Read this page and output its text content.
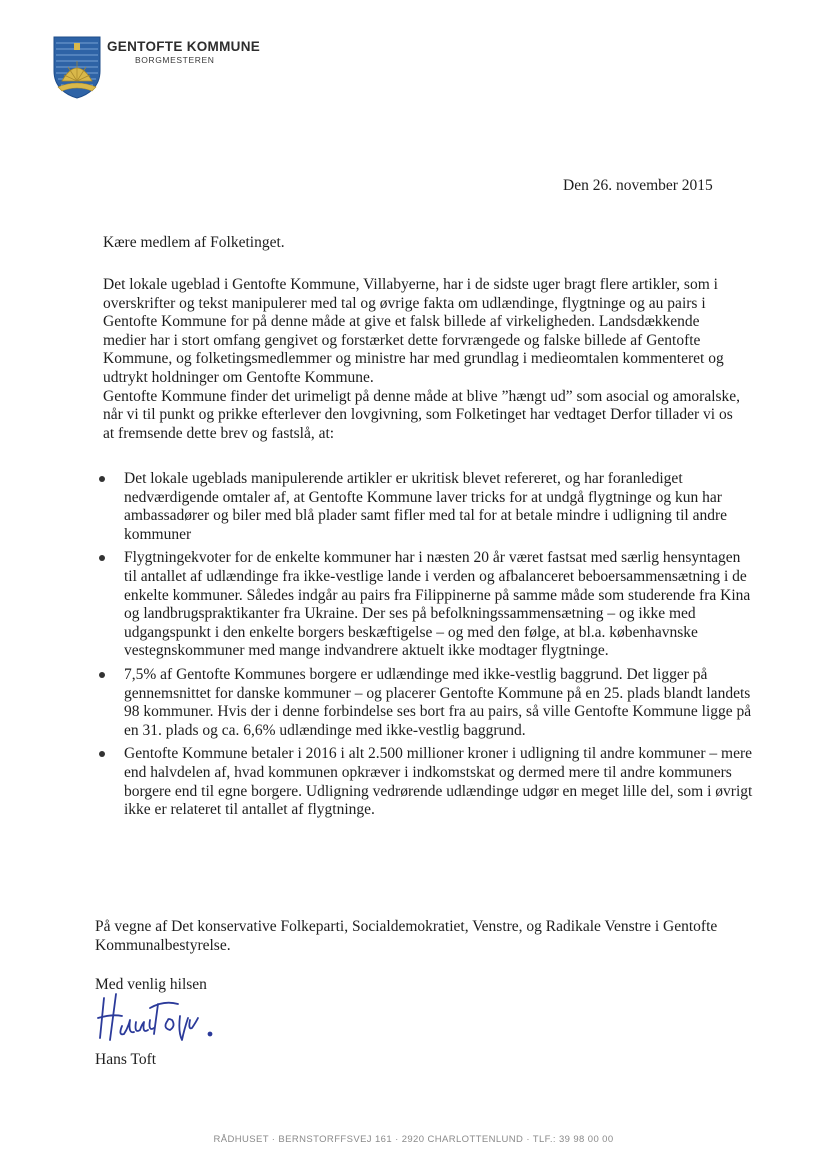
GENTOFTE KOMMUNE
BORGMESTEREN
Den 26. november 2015
Kære medlem af Folketinget.
Det lokale ugeblad i Gentofte Kommune, Villabyerne, har i de sidste uger bragt flere artikler, som i overskrifter og tekst manipulerer med tal og øvrige fakta om udlændinge, flygtninge og au pairs i Gentofte Kommune for på denne måde at give et falsk billede af virkeligheden. Landsdækkende medier har i stort omfang gengivet og forstærket dette forvrængede og falske billede af Gentofte Kommune, og folketingsmedlemmer og ministre har med grundlag i medieomtalen kommenteret og udtrykt holdninger om Gentofte Kommune.
Gentofte Kommune finder det urimeligt på denne måde at blive ”hængt ud” som asocial og amoralske, når vi til punkt og prikke efterlever den lovgivning, som Folketinget har vedtaget Derfor tillader vi os at fremsende dette brev og fastslå, at:
Det lokale ugeblads manipulerende artikler er ukritisk blevet refereret, og har foranlediget nedværdigende omtaler af, at Gentofte Kommune laver tricks for at undgå flygtninge og kun har ambassadører og biler med blå plader samt fifler med tal for at betale mindre i udligning til andre kommuner
Flygtningekvoter for de enkelte kommuner har i næsten 20 år været fastsat med særlig hensyntagen til antallet af udlændinge fra ikke-vestlige lande i verden og afbalanceret beboersammensætning i de enkelte kommuner. Således indgår au pairs fra Filippinerne på samme måde som studerende fra Kina og landbrugspraktikanter fra Ukraine. Der ses på befolkningssammensætning – og ikke med udgangspunkt i den enkelte borgers beskæftigelse – og med den følge, at bl.a. københavnske vestegnskommuner med mange indvandrere aktuelt ikke modtager flygtninge.
7,5% af Gentofte Kommunes borgere er udlændinge med ikke-vestlig baggrund. Det ligger på gennemsnittet for danske kommuner – og placerer Gentofte Kommune på en 25. plads blandt landets 98 kommuner. Hvis der i denne forbindelse ses bort fra au pairs, så ville Gentofte Kommune ligge på en 31. plads og ca. 6,6% udlændinge med ikke-vestlig baggrund.
Gentofte Kommune betaler i 2016 i alt 2.500 millioner kroner i udligning til andre kommuner – mere end halvdelen af, hvad kommunen opkræver i indkomstskat og dermed mere til andre kommuners borgere end til egne borgere. Udligning vedrørende udlændinge udgør en meget lille del, som i øvrigt ikke er relateret til antallet af flygtninge.
På vegne af Det konservative Folkeparti, Socialdemokratiet, Venstre, og Radikale Venstre i Gentofte Kommunalbestyrelse.
Med venlig hilsen
Hans Toft
RÅDHUSET · BERNSTORFFSVEJ 161 · 2920 CHARLOTTENLUND · TLF.: 39 98 00 00
